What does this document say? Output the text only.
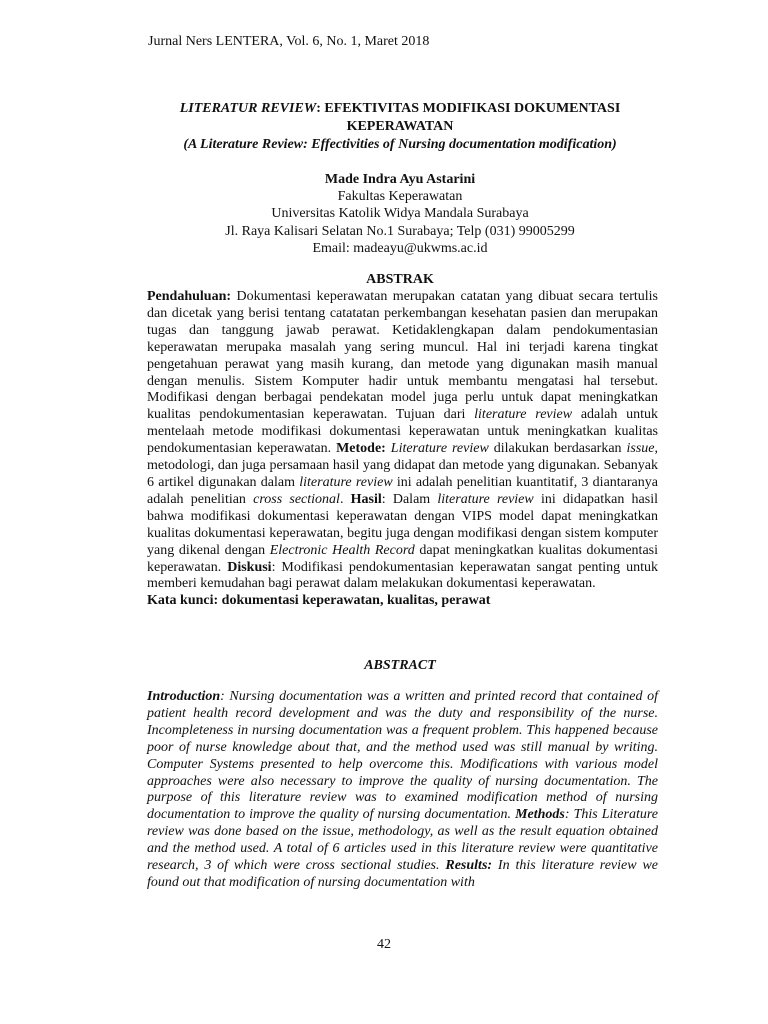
Jurnal Ners LENTERA, Vol. 6, No. 1, Maret 2018
LITERATUR REVIEW: EFEKTIVITAS MODIFIKASI DOKUMENTASI KEPERAWATAN
(A Literature Review: Effectivities of Nursing documentation modification)
Made Indra Ayu Astarini
Fakultas Keperawatan
Universitas Katolik Widya Mandala Surabaya
Jl. Raya Kalisari Selatan No.1 Surabaya; Telp (031) 99005299
Email: madeayu@ukwms.ac.id
ABSTRAK
Pendahuluan: Dokumentasi keperawatan merupakan catatan yang dibuat secara tertulis dan dicetak yang berisi tentang catatatan perkembangan kesehatan pasien dan merupakan tugas dan tanggung jawab perawat. Ketidaklengkapan dalam pendokumentasian keperawatan merupaka masalah yang sering muncul. Hal ini terjadi karena tingkat pengetahuan perawat yang masih kurang, dan metode yang digunakan masih manual dengan menulis. Sistem Komputer hadir untuk membantu mengatasi hal tersebut. Modifikasi dengan berbagai pendekatan model juga perlu untuk dapat meningkatkan kualitas pendokumentasian keperawatan. Tujuan dari literature review adalah untuk mentelaah metode modifikasi dokumentasi keperawatan untuk meningkatkan kualitas pendokumentasian keperawatan. Metode: Literature review dilakukan berdasarkan issue, metodologi, dan juga persamaan hasil yang didapat dan metode yang digunakan. Sebanyak 6 artikel digunakan dalam literature review ini adalah penelitian kuantitatif, 3 diantaranya adalah penelitian cross sectional. Hasil: Dalam literature review ini didapatkan hasil bahwa modifikasi dokumentasi keperawatan dengan VIPS model dapat meningkatkan kualitas dokumentasi keperawatan, begitu juga dengan modifikasi dengan sistem komputer yang dikenal dengan Electronic Health Record dapat meningkatkan kualitas dokumentasi keperawatan. Diskusi: Modifikasi pendokumentasian keperawatan sangat penting untuk memberi kemudahan bagi perawat dalam melakukan dokumentasi keperawatan.
Kata kunci: dokumentasi keperawatan, kualitas, perawat
ABSTRACT
Introduction: Nursing documentation was a written and printed record that contained of patient health record development and was the duty and responsibility of the nurse. Incompleteness in nursing documentation was a frequent problem. This happened because poor of nurse knowledge about that, and the method used was still manual by writing. Computer Systems presented to help overcome this. Modifications with various model approaches were also necessary to improve the quality of nursing documentation. The purpose of this literature review was to examined modification method of nursing documentation to improve the quality of nursing documentation. Methods: This Literature review was done based on the issue, methodology, as well as the result equation obtained and the method used. A total of 6 articles used in this literature review were quantitative research, 3 of which were cross sectional studies. Results: In this literature review we found out that modification of nursing documentation with
42
